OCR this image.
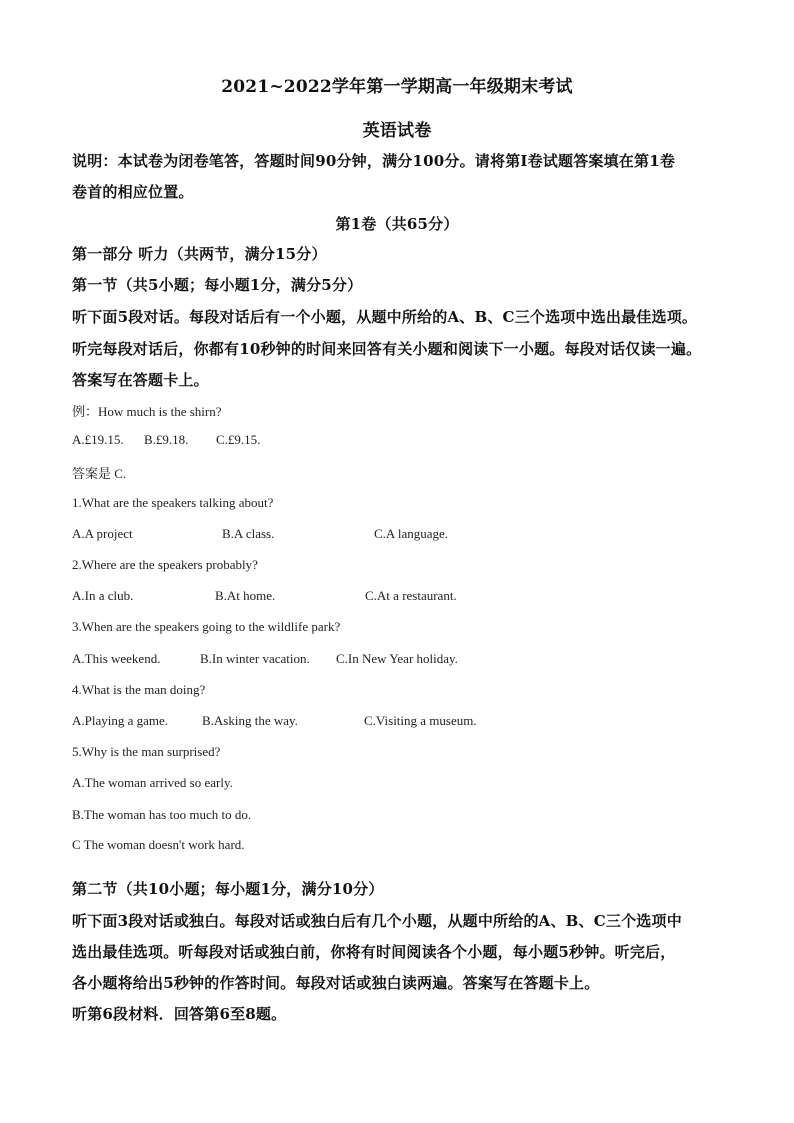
2021~2022学年第一学期高一年级期末考试
英语试卷
说明：本试卷为闭卷笔答，答题时间90分钟，满分100分。请将第I卷试题答案填在第1卷
卷首的相应位置。
第1卷（共65分）
第一部分 听力（共两节，满分15分）
第一节（共5小题；每小题1分，满分5分）
听下面5段对话。每段对话后有一个小题，从题中所给的A、B、C三个选项中选出最佳选项。
听完每段对话后，你都有10秒钟的时间来回答有关小题和阅读下一小题。每段对话仅读一遍。
答案写在答题卡上。
例：How much is the shirn?
A.£19.15. B.£9.18. C.£9.15.
答案是 C.
1.What are the speakers talking about?
A.A project	B.A class.	C.A language.
2.Where are the speakers probably?
A.In a club.	B.At home.	C.At a restaurant.
3.When are the speakers going to the wildlife park?
A.This weekend.	B.In winter vacation. C.In New Year holiday.
4.What is the man doing?
A.Playing a game.	B.Asking the way.	C.Visiting a museum.
5.Why is the man surprised?
A.The woman arrived so early.
B.The woman has too much to do.
C The woman doesn't work hard.
第二节（共10小题；每小题1分，满分10分）
听下面3段对话或独白。每段对话或独白后有几个小题，从题中所给的A、B、C三个选项中
选出最佳选项。听每段对话或独白前，你将有时间阅读各个小题，每小题5秒钟。听完后，
各小题将给出5秒钟的作答时间。每段对话或独白读两遍。答案写在答题卡上。
听第6段材料．回答第6至8题。
